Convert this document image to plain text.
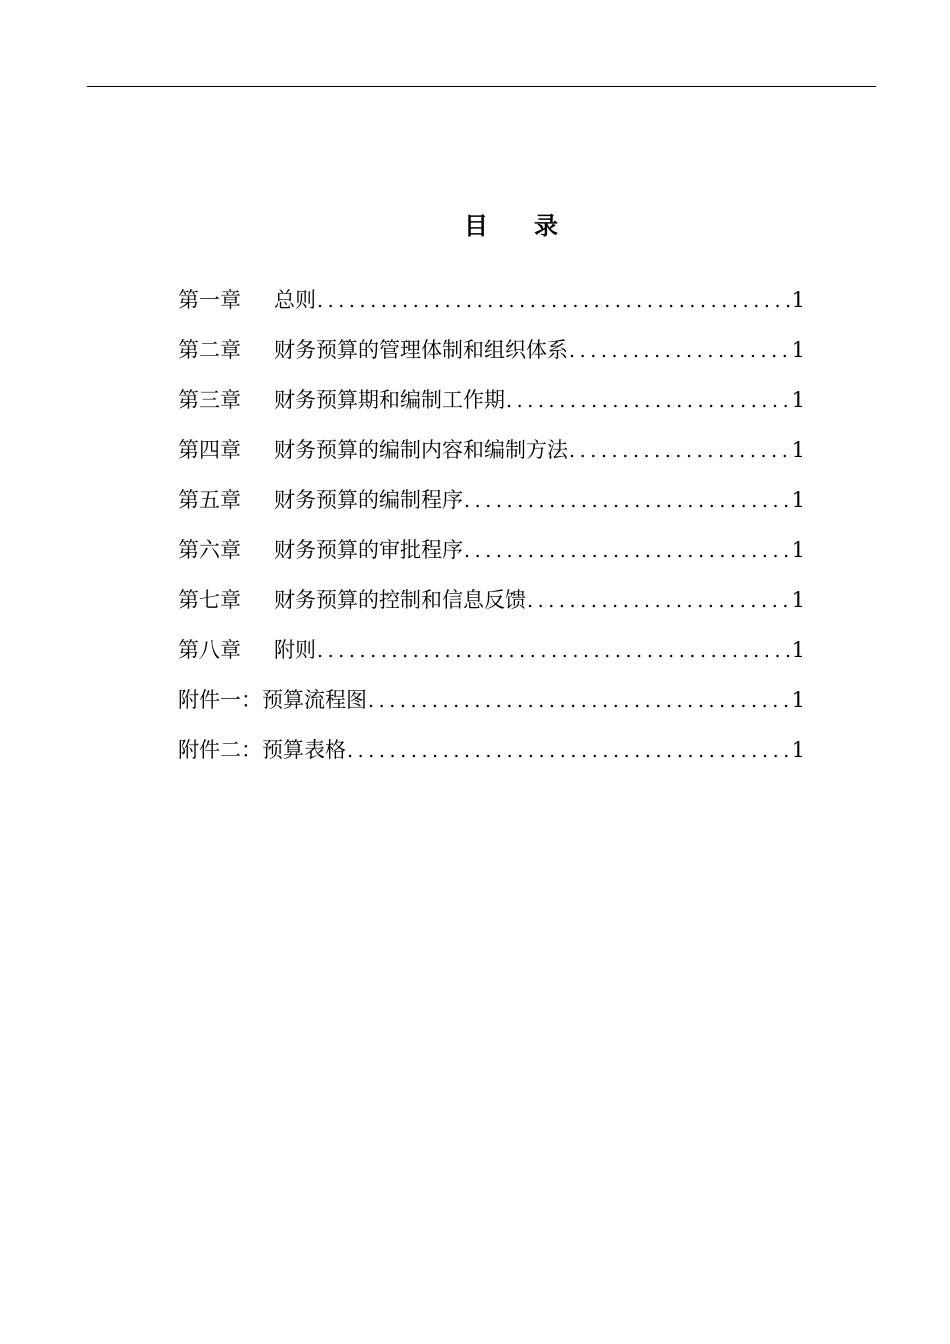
目 录
第一章	总则 .....	1
第二章	财务预算的管理体制和组织体系 .....	1
第三章	财务预算期和编制工作期 .....	1
第四章	财务预算的编制内容和编制方法 .....	1
第五章	财务预算的编制程序 .....	1
第六章	财务预算的审批程序 .....	1
第七章	财务预算的控制和信息反馈 .....	1
第八章	附则 .....	1
附件一： 预算流程图 .....	1
附件二： 预算表格 .....	1
